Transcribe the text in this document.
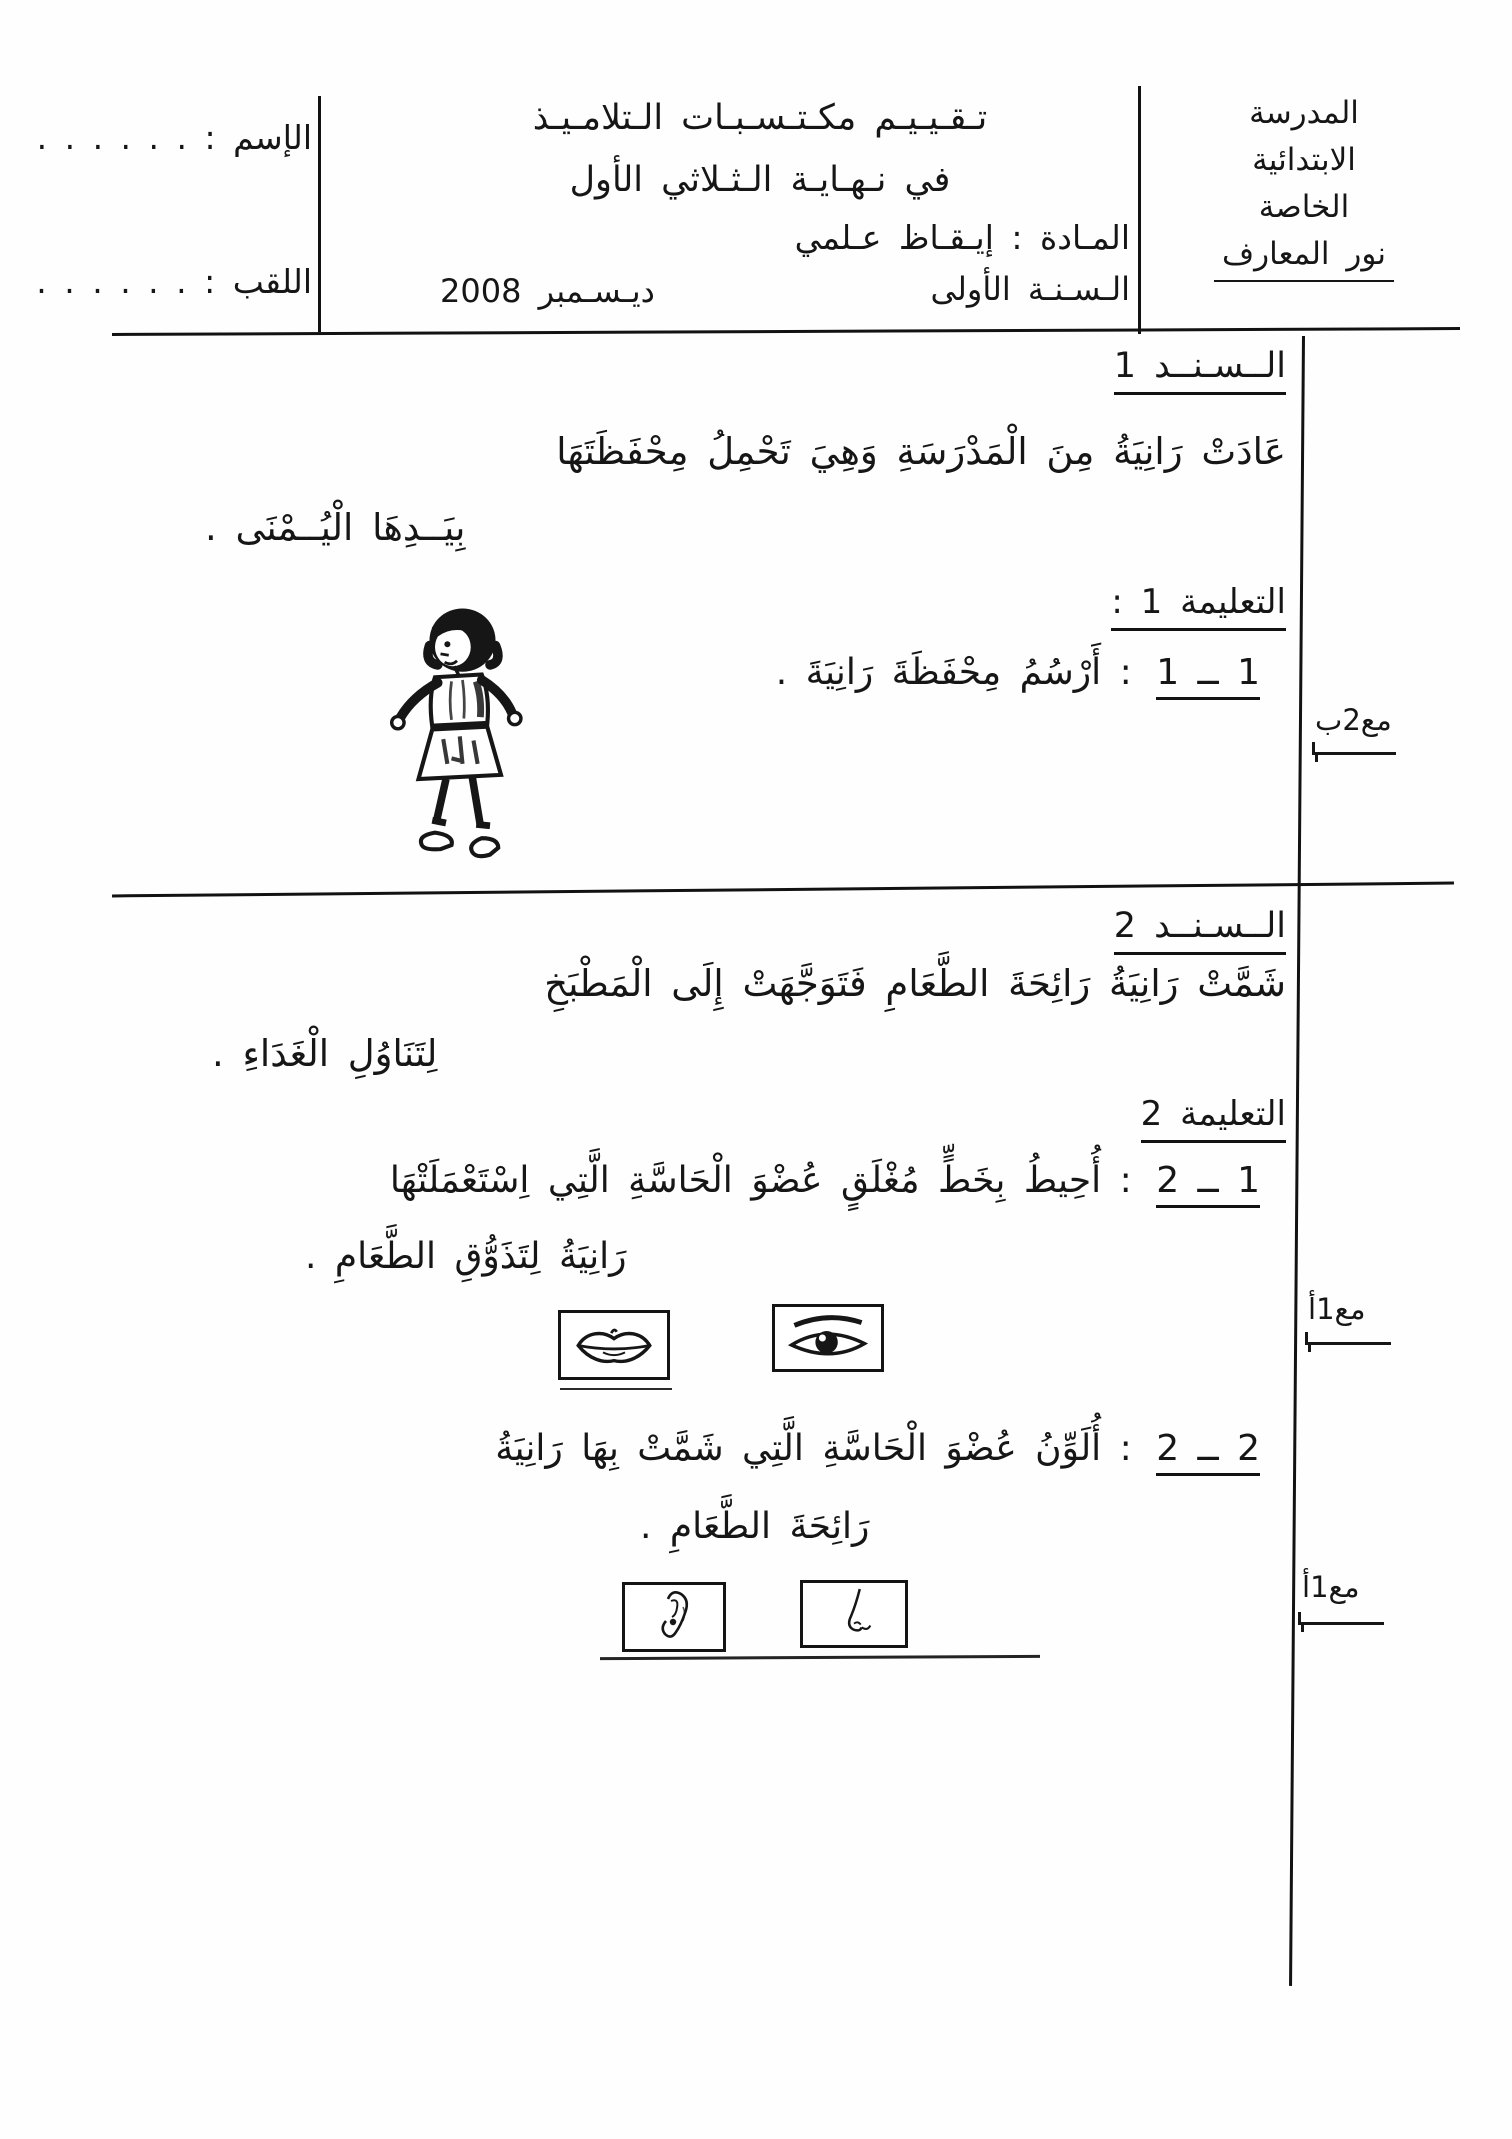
المدرسة
الابتدائية
الخاصة
نور المعارف
تـقـيـيـم مكـتـسـبـات الـتلامـيـذ
في نـهـايـة الـثـلاثي الأول
المـادة : إيـقـاظ عـلمي
الـسـنـة الأولى
ديـسـمبر 2008
الإسم : . . . . . .
اللقب : . . . . . .
الــسـنــد 1
عَادَتْ رَانِيَةُ مِنَ الْمَدْرَسَةِ وَهِيَ تَحْمِلُ مِحْفَظَتَهَا
بِيَــدِهَا الْيُــمْنَى .
التعليمة 1 :
1 ــ 1 : أَرْسُمُ مِحْفَظَةَ رَانِيَةَ .
مع2ب
الــسـنــد 2
شَمَّتْ رَانِيَةُ رَائِحَةَ الطَّعَامِ فَتَوَجَّهَتْ إِلَى الْمَطْبَخِ
لِتَنَاوُلِ الْغَدَاءِ .
التعليمة 2
1 ــ 2 : أُحِيطُ بِخَطٍّ مُغْلَقٍ عُضْوَ الْحَاسَّةِ الَّتِي اِسْتَعْمَلَتْهَا
رَانِيَةُ لِتَذَوُّقِ الطَّعَامِ .
مع1أ
2 ــ 2 : أُلَوِّنُ عُضْوَ الْحَاسَّةِ الَّتِي شَمَّتْ بِهَا رَانِيَةُ
رَائِحَةَ الطَّعَامِ .
مع1أ
